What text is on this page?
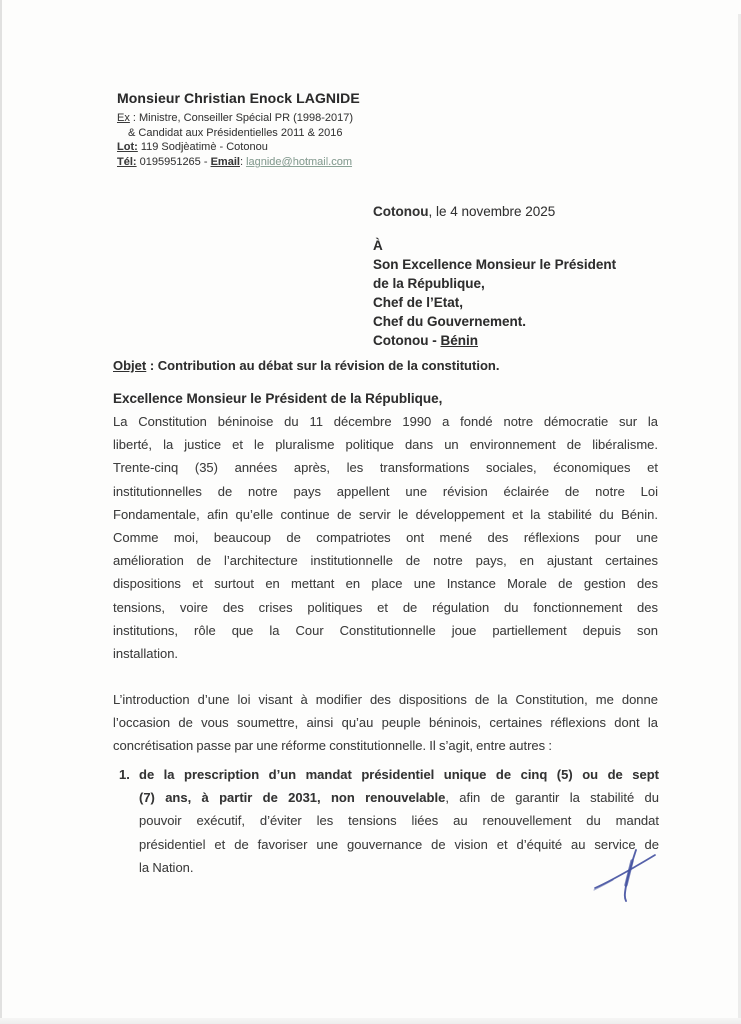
Monsieur Christian Enock LAGNIDE
Ex : Ministre, Conseiller Spécial PR (1998-2017)
& Candidat aux Présidentielles 2011 & 2016
Lot: 119 Sodjèatimè - Cotonou
Tél: 0195951265 - Email: lagnide@hotmail.com
Cotonou, le 4 novembre 2025
À
Son Excellence Monsieur le Président
de la République,
Chef de l’Etat,
Chef du Gouvernement.
Cotonou - Bénin
Objet : Contribution au débat sur la révision de la constitution.
Excellence Monsieur le Président de la République,
La Constitution béninoise du 11 décembre 1990 a fondé notre démocratie sur la
liberté, la justice et le pluralisme politique dans un environnement de libéralisme.
Trente-cinq (35) années après, les transformations sociales, économiques et
institutionnelles de notre pays appellent une révision éclairée de notre Loi
Fondamentale, afin qu’elle continue de servir le développement et la stabilité du Bénin.
Comme moi, beaucoup de compatriotes ont mené des réflexions pour une
amélioration de l’architecture institutionnelle de notre pays, en ajustant certaines
dispositions et surtout en mettant en place une Instance Morale de gestion des
tensions, voire des crises politiques et de régulation du fonctionnement des
institutions, rôle que la Cour Constitutionnelle joue partiellement depuis son
installation.
L’introduction d’une loi visant à modifier des dispositions de la Constitution, me donne
l’occasion de vous soumettre, ainsi qu’au peuple béninois, certaines réflexions dont la
concrétisation passe par une réforme constitutionnelle. Il s’agit, entre autres :
1. de la prescription d’un mandat présidentiel unique de cinq (5) ou de sept
(7) ans, à partir de 2031, non renouvelable, afin de garantir la stabilité du
pouvoir exécutif, d’éviter les tensions liées au renouvellement du mandat
présidentiel et de favoriser une gouvernance de vision et d’équité au service de
la Nation.
